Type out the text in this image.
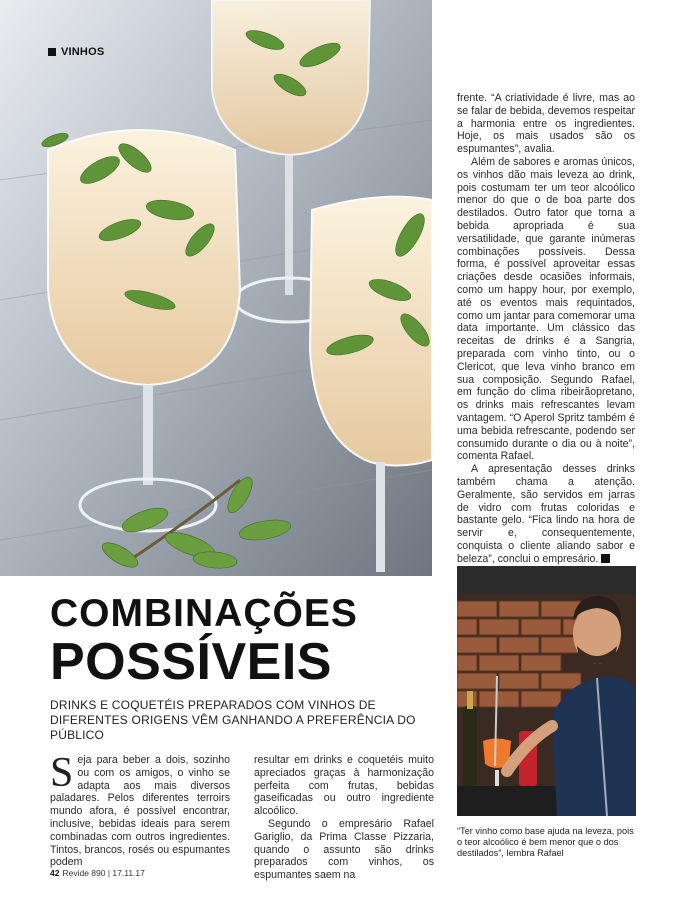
VINHOS

frente. “A criatividade é livre, mas ao se falar de bebida, devemos respeitar a harmonia entre os ingredientes. Hoje, os mais usados são os espumantes”, avalia.

Além de sabores e aromas únicos, os vinhos dão mais leveza ao drink, pois costumam ter um teor alcoólico menor do que o de boa parte dos destilados. Outro fator que torna a bebida apropriada é sua versatilidade, que garante inúmeras combinações possíveis. Dessa forma, é possível aproveitar essas criações desde ocasiões informais, como um happy hour, por exemplo, até os eventos mais requintados, como um jantar para comemorar uma data importante. Um clássico das receitas de drinks é a Sangria, preparada com vinho tinto, ou o Clericot, que leva vinho branco em sua composição. Segundo Rafael, em função do clima ribeirãopretano, os drinks mais refrescantes levam vantagem. “O Aperol Spritz também é uma bebida refrescante, podendo ser consumido durante o dia ou à noite”, comenta Rafael.

A apresentação desses drinks também chama a atenção. Geralmente, são servidos em jarras de vidro com frutas coloridas e bastante gelo. “Fica lindo na hora de servir e, consequentemente, conquista o cliente aliando sabor e beleza”, conclui o empresário.

COMBINAÇÕES
POSSÍVEIS
DRINKS E COQUETÉIS PREPARADOS COM VINHOS DE DIFERENTES ORIGENS VÊM GANHANDO A PREFERÊNCIA DO PÚBLICO

Seja para beber a dois, sozinho ou com os amigos, o vinho se adapta aos mais diversos paladares. Pelos diferentes terroirs mundo afora, é possível encontrar, inclusive, bebidas ideais para serem combinadas com outros ingredientes. Tintos, brancos, rosés ou espumantes podem

resultar em drinks e coquetéis muito apreciados graças à harmonização perfeita com frutas, bebidas gaseificadas ou outro ingrediente alcoólico.

Segundo o empresário Rafael Gariglio, da Prima Classe Pizzaria, quando o assunto são drinks preparados com vinhos, os espumantes saem na

“Ter vinho como base ajuda na leveza, pois o teor alcoólico é bem menor que o dos destilados”, lembra Rafael
42 Revide 890 | 17.11.17
